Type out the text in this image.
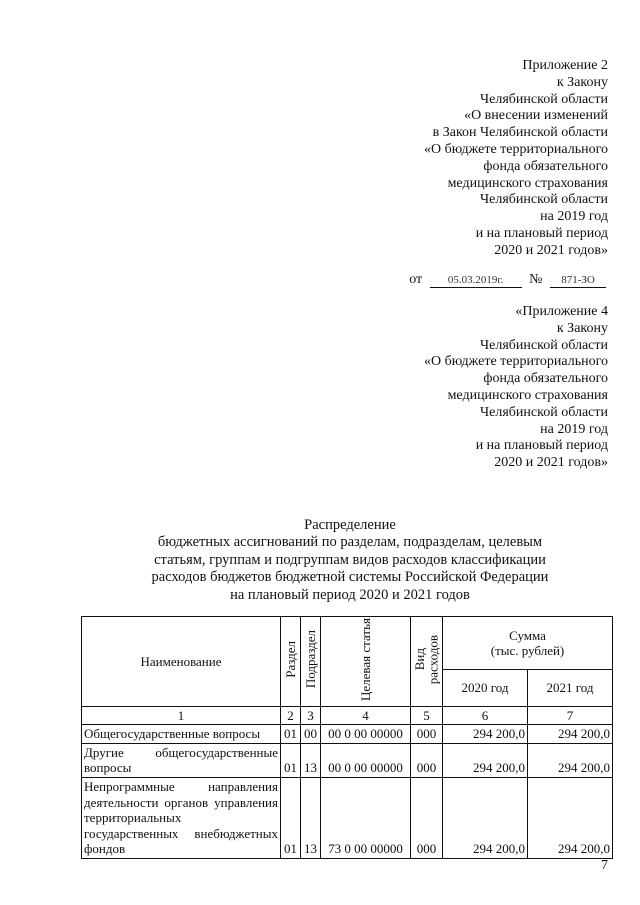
Приложение 2
к Закону
Челябинской области
«О внесении изменений
в Закон Челябинской области
«О бюджете территориального
фонда обязательного
медицинского страхования
Челябинской области
на 2019 год
и на плановый период
2020 и 2021 годов»
от 05.03.2019г. № 871-ЗО
«Приложение 4
к Закону
Челябинской области
«О бюджете территориального
фонда обязательного
медицинского страхования
Челябинской области
на 2019 год
и на плановый период
2020 и 2021 годов»
Распределение
бюджетных ассигнований по разделам, подразделам, целевым
статьям, группам и подгруппам видов расходов классификации
расходов бюджетов бюджетной системы Российской Федерации
на плановый период 2020 и 2021 годов
Наименование	Раздел	Подраздел	Целевая статья	Вид
расходов	Сумма
(тыс. рублей)	
					2020 год	2021 год
1	2	3	4	5	6	7
Общегосударственные вопросы	01	00	00 0 00 00000	000	294 200,0	294 200,0
Другие общегосударственные вопросы	01	13	00 0 00 00000	000	294 200,0	294 200,0
Непрограммные направления деятельности органов управления территориальных государственных внебюджетных фондов	01	13	73 0 00 00000	000	294 200,0	294 200,0
7
